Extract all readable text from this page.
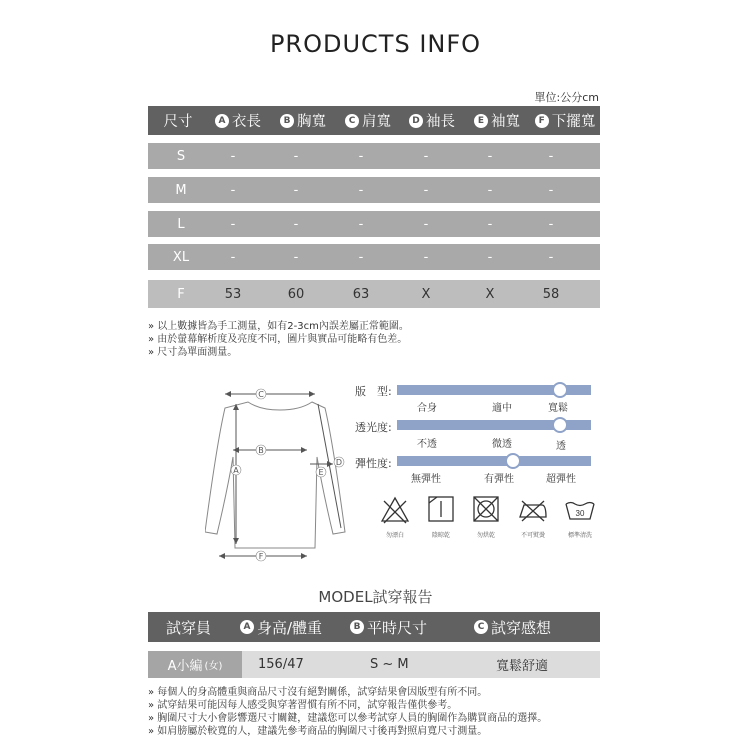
PRODUCTS INFO
單位:公分cm
尺寸	A 衣長	B 胸寬	C 肩寬	D 袖長	E 袖寬	F 下擺寬
S	-	-	-	-	-	-
M	-	-	-	-	-	-
L	-	-	-	-	-	-
XL	-	-	-	-	-	-
F	53	60	63	X	X	58
» 以上數據皆為手工測量，如有2-3cm內誤差屬正常範圍。
» 由於螢幕解析度及亮度不同，圖片與實品可能略有色差。
» 尺寸為單面測量。
C
B
A
D
E
F
版　型:
合身	適中	寬鬆
透光度:
不透	微透	透
彈性度:
無彈性	有彈性	超彈性
30
勿漂白	陰晾乾	勿烘乾	不可熨燙	標準清洗
MODEL試穿報告
試穿員	A 身高/體重	B 平時尺寸	C 試穿感想
A小編 (女)	156/47	S ~ M	寬鬆舒適
» 每個人的身高體重與商品尺寸沒有絕對關係，試穿結果會因版型有所不同。
» 試穿結果可能因每人感受與穿著習慣有所不同，試穿報告僅供參考。
» 胸圍尺寸大小會影響選尺寸關鍵，建議您可以參考試穿人員的胸圍作為購買商品的選擇。
» 如肩膀屬於較寬的人，建議先參考商品的胸圍尺寸後再對照肩寬尺寸測量。
